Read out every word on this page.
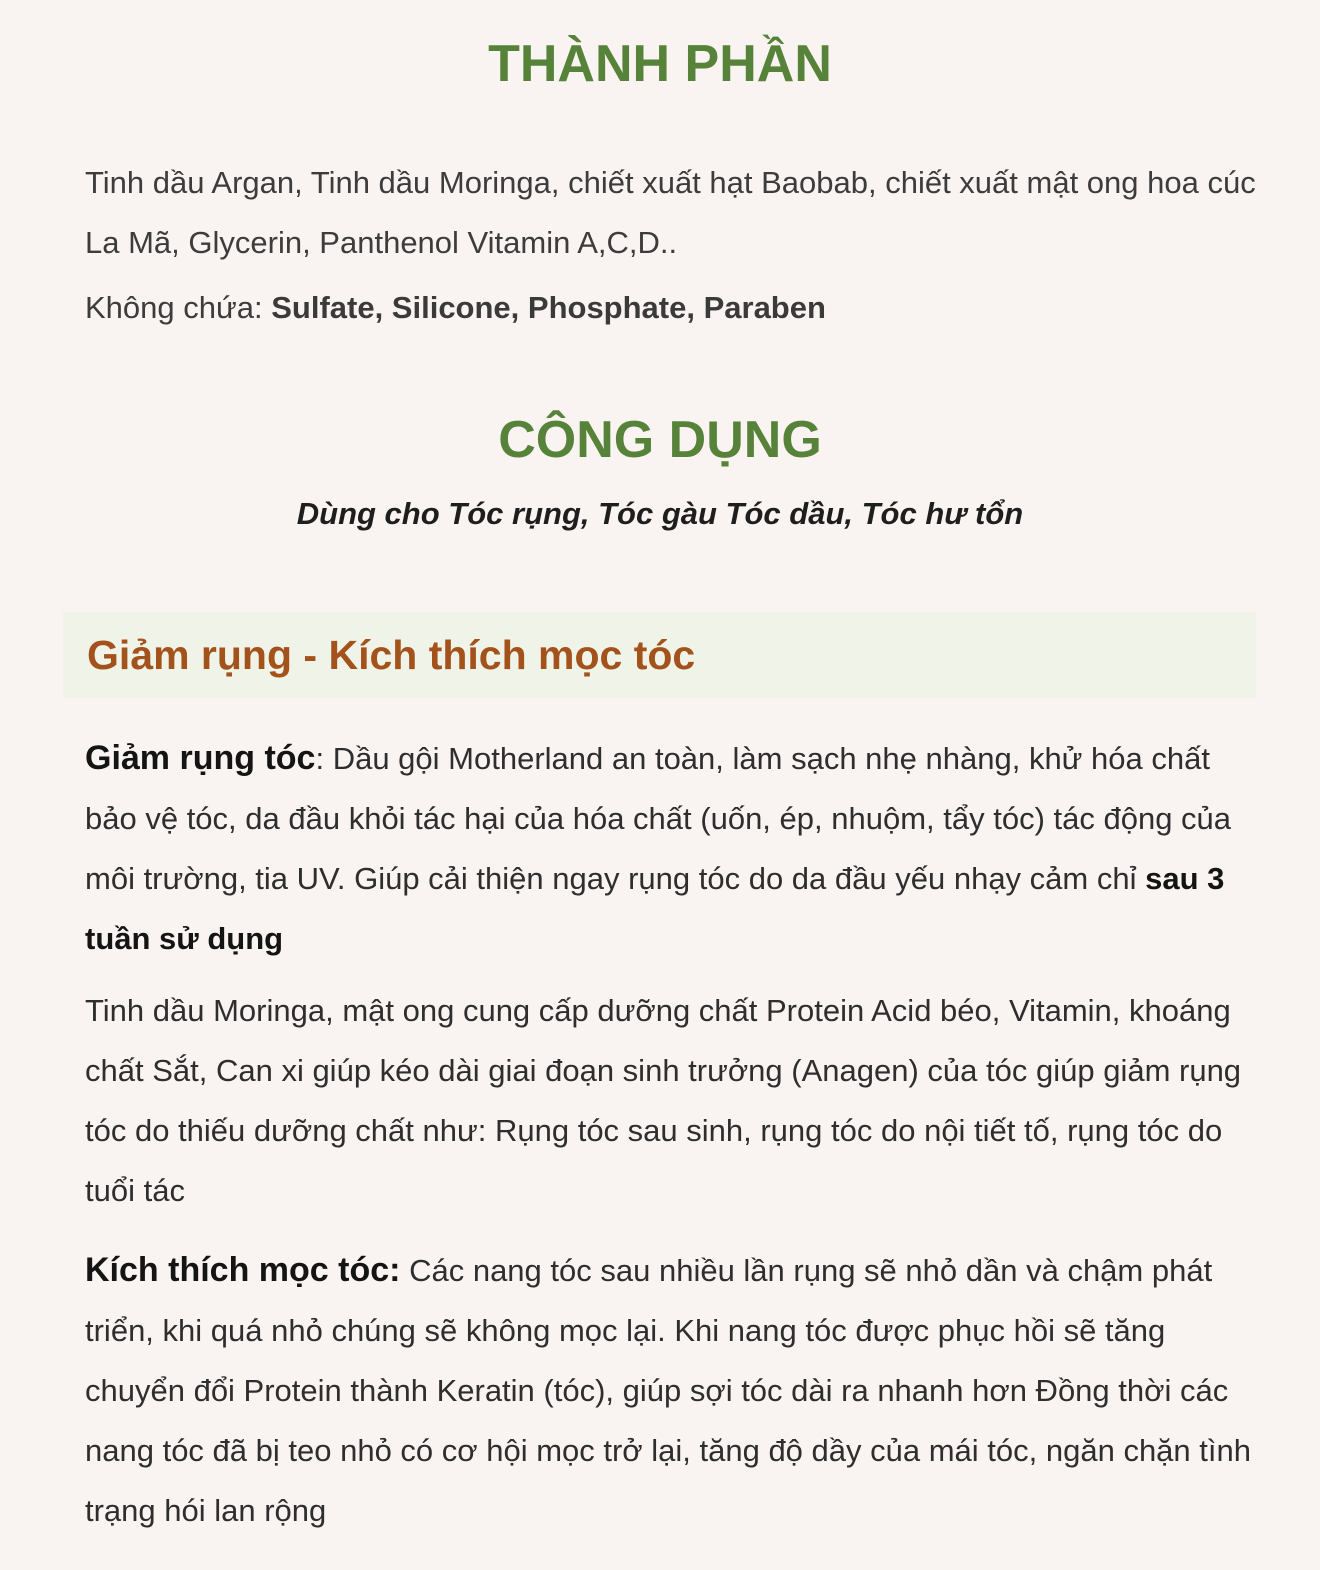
THÀNH PHẦN

Tinh dầu Argan, Tinh dầu Moringa, chiết xuất hạt Baobab, chiết xuất mật ong hoa cúc La Mã, Glycerin, Panthenol Vitamin A,C,D..

Không chứa: Sulfate, Silicone, Phosphate, Paraben

CÔNG DỤNG

Dùng cho Tóc rụng, Tóc gàu Tóc dầu, Tóc hư tổn

Giảm rụng - Kích thích mọc tóc

Giảm rụng tóc: Dầu gội Motherland an toàn, làm sạch nhẹ nhàng, khử hóa chất bảo vệ tóc, da đầu khỏi tác hại của hóa chất (uốn, ép, nhuộm, tẩy tóc) tác động của môi trường, tia UV. Giúp cải thiện ngay rụng tóc do da đầu yếu nhạy cảm chỉ sau 3 tuần sử dụng

Tinh dầu Moringa, mật ong cung cấp dưỡng chất Protein Acid béo, Vitamin, khoáng chất Sắt, Can xi giúp kéo dài giai đoạn sinh trưởng (Anagen) của tóc giúp giảm rụng tóc do thiếu dưỡng chất như: Rụng tóc sau sinh, rụng tóc do nội tiết tố, rụng tóc do tuổi tác

Kích thích mọc tóc: Các nang tóc sau nhiều lần rụng sẽ nhỏ dần và chậm phát triển, khi quá nhỏ chúng sẽ không mọc lại. Khi nang tóc được phục hồi sẽ tăng chuyển đổi Protein thành Keratin (tóc), giúp sợi tóc dài ra nhanh hơn Đồng thời các nang tóc đã bị teo nhỏ có cơ hội mọc trở lại, tăng độ dầy của mái tóc, ngăn chặn tình trạng hói lan rộng
